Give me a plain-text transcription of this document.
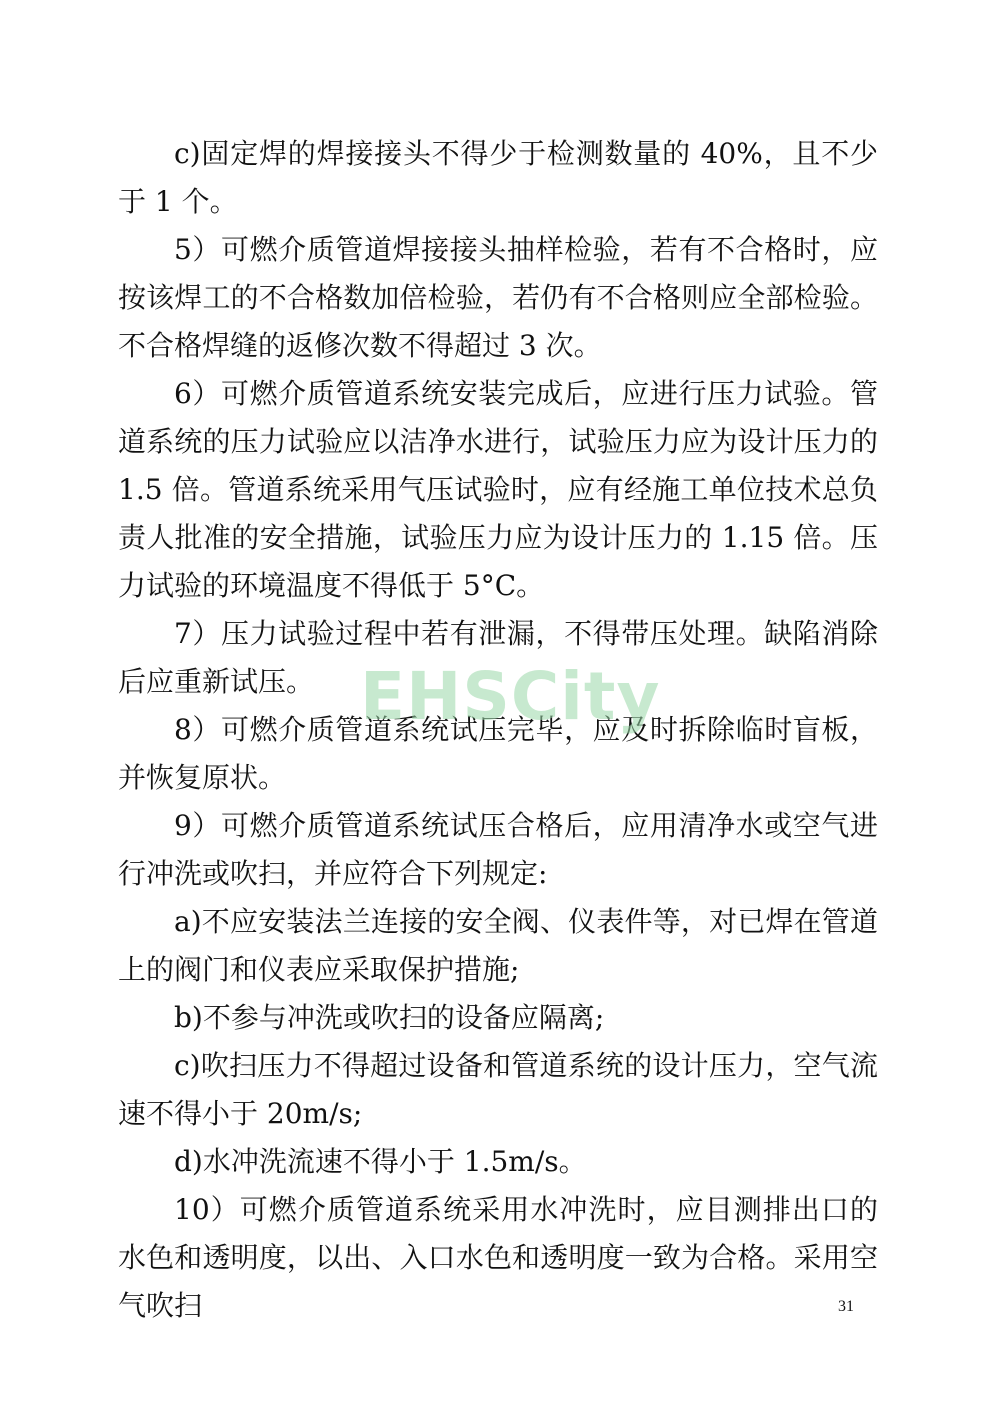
c)固定焊的焊接接头不得少于检测数量的 40%，且不少于 1 个。

5）可燃介质管道焊接接头抽样检验，若有不合格时，应按该焊工的不合格数加倍检验，若仍有不合格则应全部检验。不合格焊缝的返修次数不得超过 3 次。

6）可燃介质管道系统安装完成后，应进行压力试验。管道系统的压力试验应以洁净水进行，试验压力应为设计压力的 1.5 倍。管道系统采用气压试验时，应有经施工单位技术总负责人批准的安全措施，试验压力应为设计压力的 1.15 倍。压力试验的环境温度不得低于 5°C。

7）压力试验过程中若有泄漏，不得带压处理。缺陷消除后应重新试压。

8）可燃介质管道系统试压完毕，应及时拆除临时盲板，并恢复原状。

9）可燃介质管道系统试压合格后，应用清净水或空气进行冲洗或吹扫，并应符合下列规定:

a)不应安装法兰连接的安全阀、仪表件等，对已焊在管道上的阀门和仪表应采取保护措施;

b)不参与冲洗或吹扫的设备应隔离;

c)吹扫压力不得超过设备和管道系统的设计压力，空气流速不得小于 20m/s;

d)水冲洗流速不得小于 1.5m/s。

10）可燃介质管道系统采用水冲洗时，应目测排出口的水色和透明度，以出、入口水色和透明度一致为合格。采用空气吹扫

EHSCity
31
